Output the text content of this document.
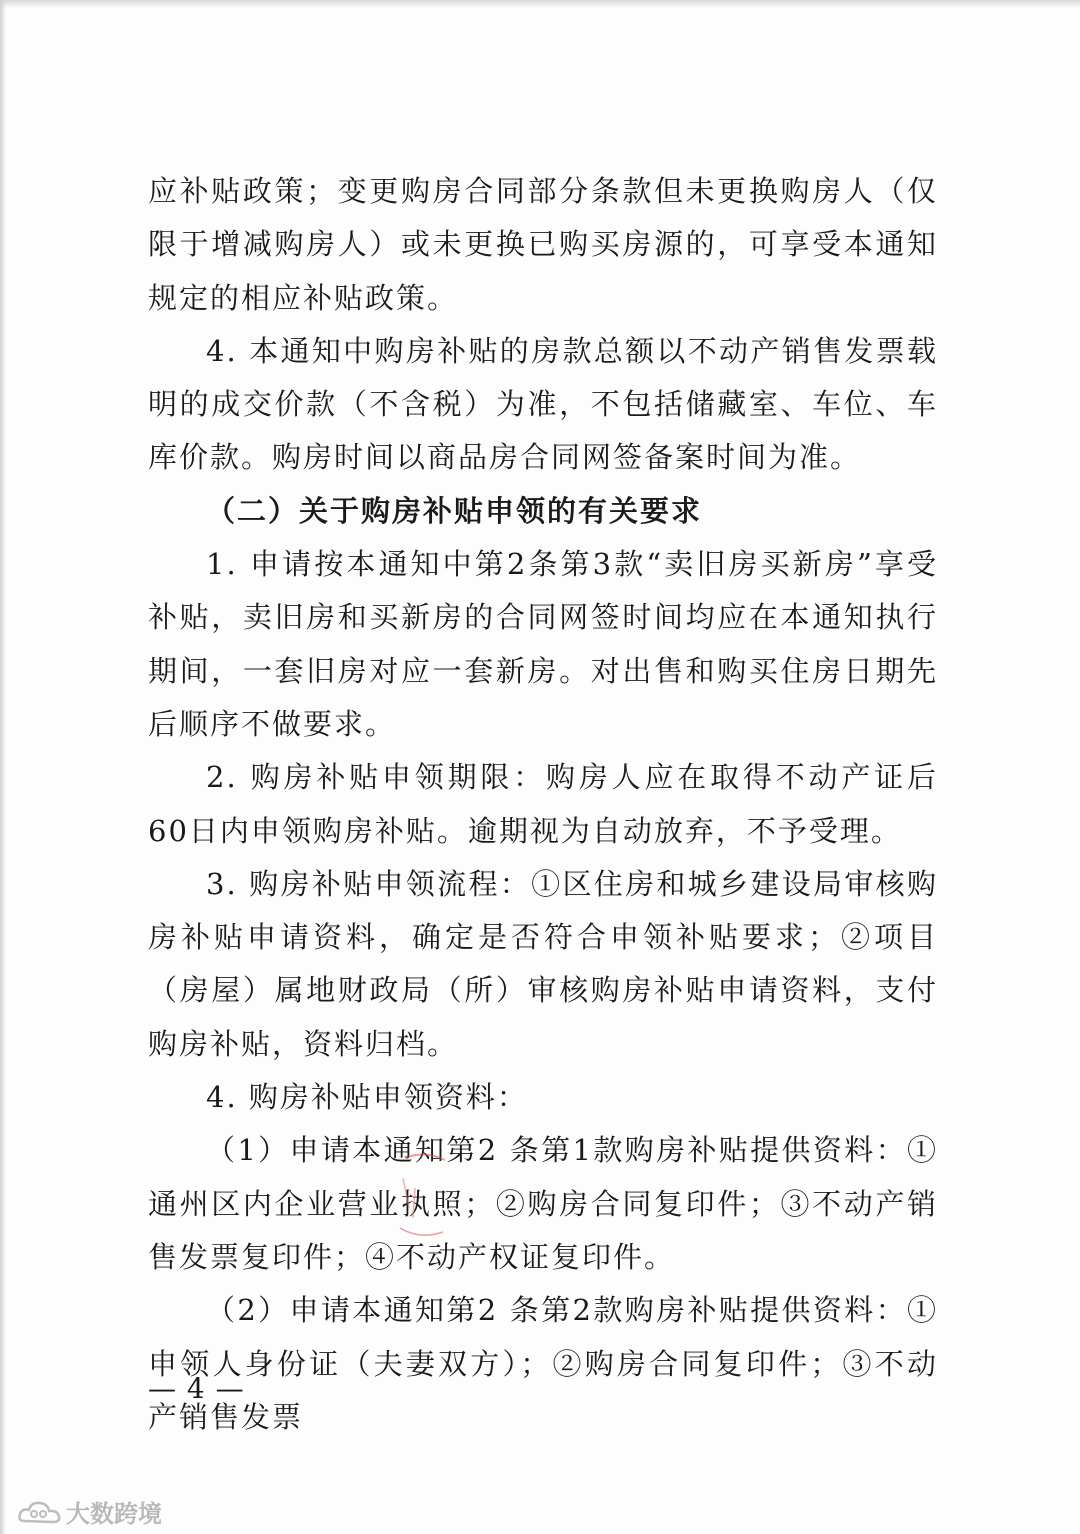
应补贴政策；变更购房合同部分条款但未更换购房人（仅限于增减购房人）或未更换已购买房源的，可享受本通知规定的相应补贴政策。

4. 本通知中购房补贴的房款总额以不动产销售发票载明的成交价款（不含税）为准，不包括储藏室、车位、车库价款。购房时间以商品房合同网签备案时间为准。

（二）关于购房补贴申领的有关要求

1. 申请按本通知中第2条第3款“卖旧房买新房”享受补贴，卖旧房和买新房的合同网签时间均应在本通知执行期间，一套旧房对应一套新房。对出售和购买住房日期先后顺序不做要求。

2. 购房补贴申领期限：购房人应在取得不动产证后60日内申领购房补贴。逾期视为自动放弃，不予受理。

3. 购房补贴申领流程：①区住房和城乡建设局审核购房补贴申请资料，确定是否符合申领补贴要求；②项目（房屋）属地财政局（所）审核购房补贴申请资料，支付购房补贴，资料归档。

4. 购房补贴申领资料：

（1）申请本通知第2 条第1款购房补贴提供资料：①通州区内企业营业执照；②购房合同复印件；③不动产销售发票复印件；④不动产权证复印件。

（2）申请本通知第2 条第2款购房补贴提供资料：①申领人身份证（夫妻双方）；②购房合同复印件；③不动产销售发票

— 4 —
大数跨境
